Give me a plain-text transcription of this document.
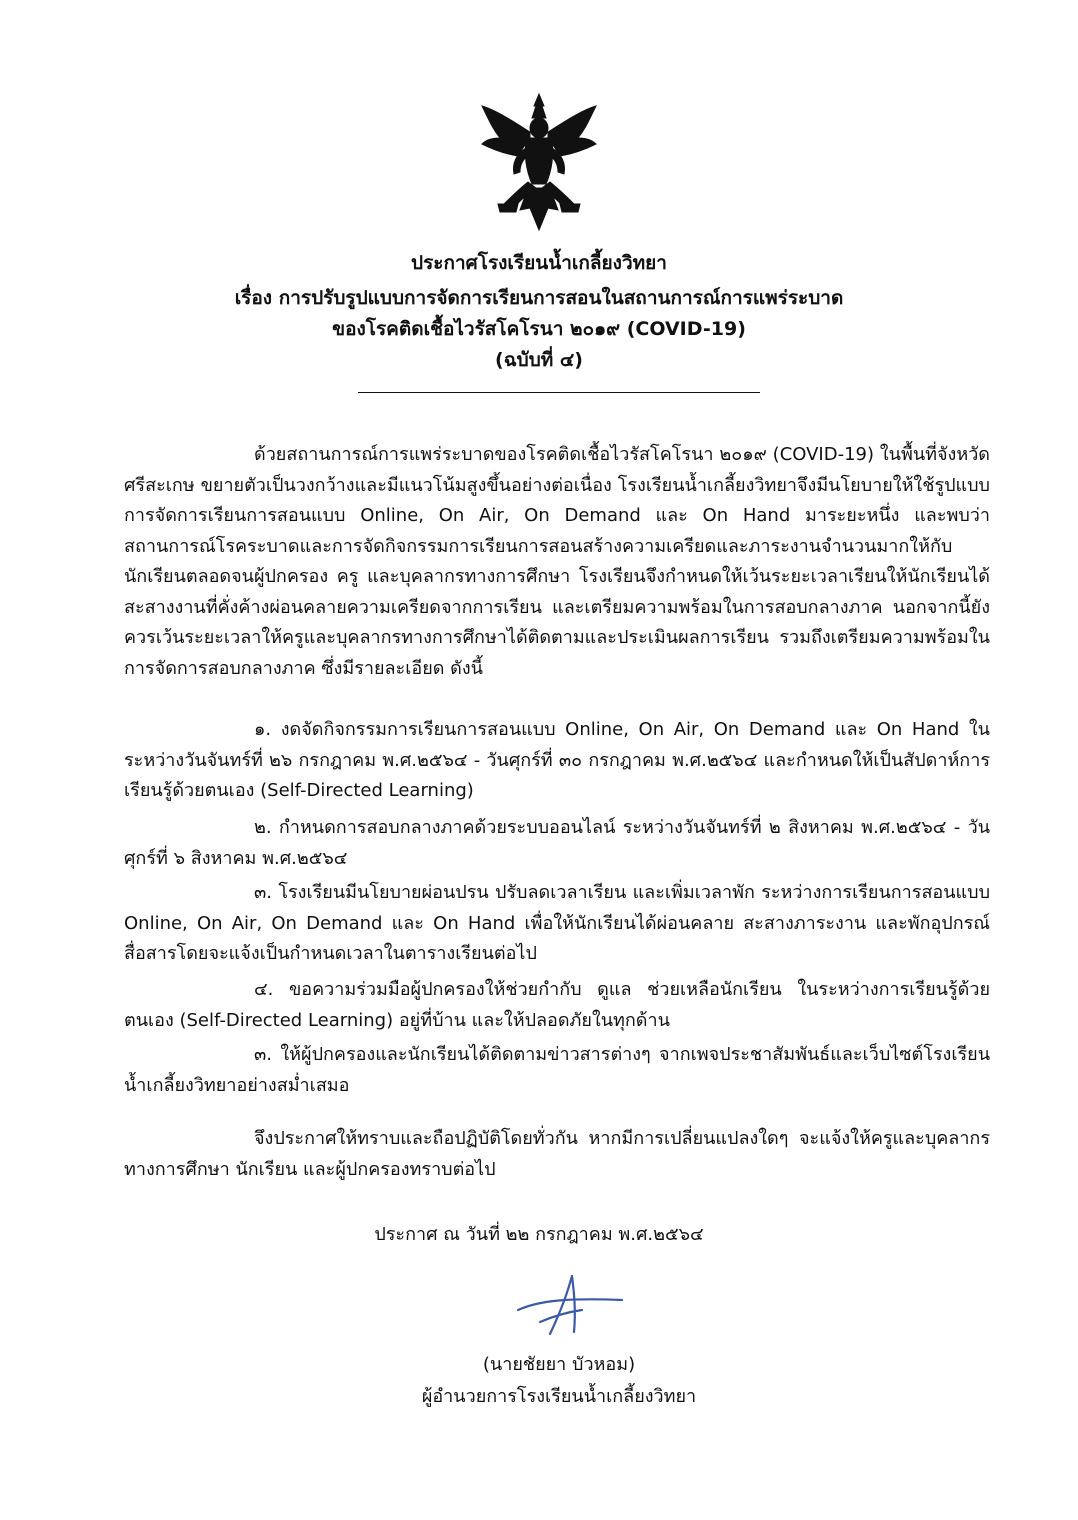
ประกาศโรงเรียนน้ำเกลี้ยงวิทยา
เรื่อง การปรับรูปแบบการจัดการเรียนการสอนในสถานการณ์การแพร่ระบาด
ของโรคติดเชื้อไวรัสโคโรนา ๒๐๑๙ (COVID-19)
(ฉบับที่ ๔)

ด้วยสถานการณ์การแพร่ระบาดของโรคติดเชื้อไวรัสโคโรนา ๒๐๑๙ (COVID-19) ในพื้นที่จังหวัดศรีสะเกษ ขยายตัวเป็นวงกว้างและมีแนวโน้มสูงขึ้นอย่างต่อเนื่อง โรงเรียนน้ำเกลี้ยงวิทยาจึงมีนโยบายให้ใช้รูปแบบการจัดการเรียนการสอนแบบ Online, On Air, On Demand และ On Hand มาระยะหนึ่ง และพบว่า สถานการณ์โรคระบาดและการจัดกิจกรรมการเรียนการสอนสร้างความเครียดและภาระงานจำนวนมากให้กับนักเรียนตลอดจนผู้ปกครอง ครู และบุคลากรทางการศึกษา โรงเรียนจึงกำหนดให้เว้นระยะเวลาเรียนให้นักเรียนได้สะสางงานที่คั่งค้างผ่อนคลายความเครียดจากการเรียน และเตรียมความพร้อมในการสอบกลางภาค นอกจากนี้ยังควรเว้นระยะเวลาให้ครูและบุคลากรทางการศึกษาได้ติดตามและประเมินผลการเรียน รวมถึงเตรียมความพร้อมในการจัดการสอบกลางภาค ซึ่งมีรายละเอียด ดังนี้

๑. งดจัดกิจกรรมการเรียนการสอนแบบ Online, On Air, On Demand และ On Hand ในระหว่างวันจันทร์ที่ ๒๖ กรกฎาคม พ.ศ.๒๕๖๔ - วันศุกร์ที่ ๓๐ กรกฎาคม พ.ศ.๒๕๖๔ และกำหนดให้เป็นสัปดาห์การเรียนรู้ด้วยตนเอง (Self-Directed Learning)

๒. กำหนดการสอบกลางภาคด้วยระบบออนไลน์ ระหว่างวันจันทร์ที่ ๒ สิงหาคม พ.ศ.๒๕๖๔ - วันศุกร์ที่ ๖ สิงหาคม พ.ศ.๒๕๖๔

๓. โรงเรียนมีนโยบายผ่อนปรน ปรับลดเวลาเรียน และเพิ่มเวลาพัก ระหว่างการเรียนการสอนแบบ Online, On Air, On Demand และ On Hand เพื่อให้นักเรียนได้ผ่อนคลาย สะสางภาระงาน และพักอุปกรณ์สื่อสารโดยจะแจ้งเป็นกำหนดเวลาในตารางเรียนต่อไป

๔. ขอความร่วมมือผู้ปกครองให้ช่วยกำกับ ดูแล ช่วยเหลือนักเรียน ในระหว่างการเรียนรู้ด้วยตนเอง (Self-Directed Learning) อยู่ที่บ้าน และให้ปลอดภัยในทุกด้าน

๓. ให้ผู้ปกครองและนักเรียนได้ติดตามข่าวสารต่างๆ จากเพจประชาสัมพันธ์และเว็บไซต์โรงเรียนน้ำเกลี้ยงวิทยาอย่างสม่ำเสมอ

จึงประกาศให้ทราบและถือปฏิบัติโดยทั่วกัน หากมีการเปลี่ยนแปลงใดๆ จะแจ้งให้ครูและบุคลากรทางการศึกษา นักเรียน และผู้ปกครองทราบต่อไป

ประกาศ ณ วันที่ ๒๒ กรกฎาคม พ.ศ.๒๕๖๔
(นายชัยยา บัวหอม)
ผู้อำนวยการโรงเรียนน้ำเกลี้ยงวิทยา
